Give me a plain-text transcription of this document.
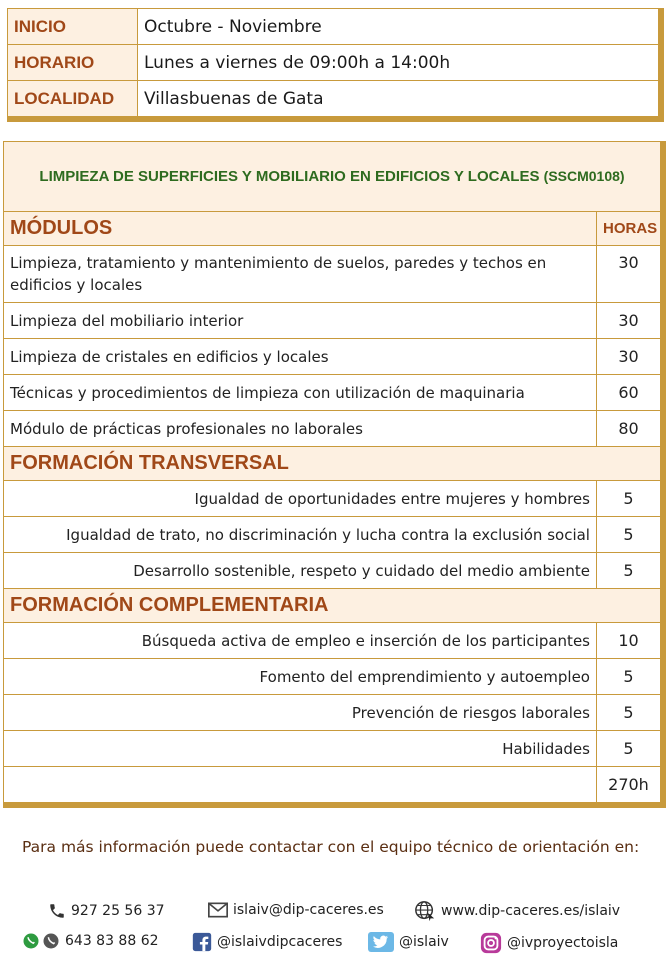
INICIO	Octubre - Noviembre
HORARIO	Lunes a viernes de 09:00h a 14:00h
LOCALIDAD	Villasbuenas de Gata
LIMPIEZA DE SUPERFICIES Y MOBILIARIO EN EDIFICIOS Y LOCALES (SSCM0108)	
MÓDULOS	HORAS
Limpieza, tratamiento y mantenimiento de suelos, paredes y techos en edificios y locales	30
Limpieza del mobiliario interior	30
Limpieza de cristales en edificios y locales	30
Técnicas y procedimientos de limpieza con utilización de maquinaria	60
Módulo de prácticas profesionales no laborales	80
FORMACIÓN TRANSVERSAL	
Igualdad de oportunidades entre mujeres y hombres	5
Igualdad de trato, no discriminación y lucha contra la exclusión social	5
Desarrollo sostenible, respeto y cuidado del medio ambiente	5
FORMACIÓN COMPLEMENTARIA	
Búsqueda activa de empleo e inserción de los participantes	10
Fomento del emprendimiento y autoempleo	5
Prevención de riesgos laborales	5
Habilidades	5
	270h
Para más información puede contactar con el equipo técnico de orientación en:
927 25 56 37	islaiv@dip-caceres.es	www.dip-caceres.es/islaiv
643 83 88 62	@islaivdipcaceres	@islaiv	@ivproyectoisla
